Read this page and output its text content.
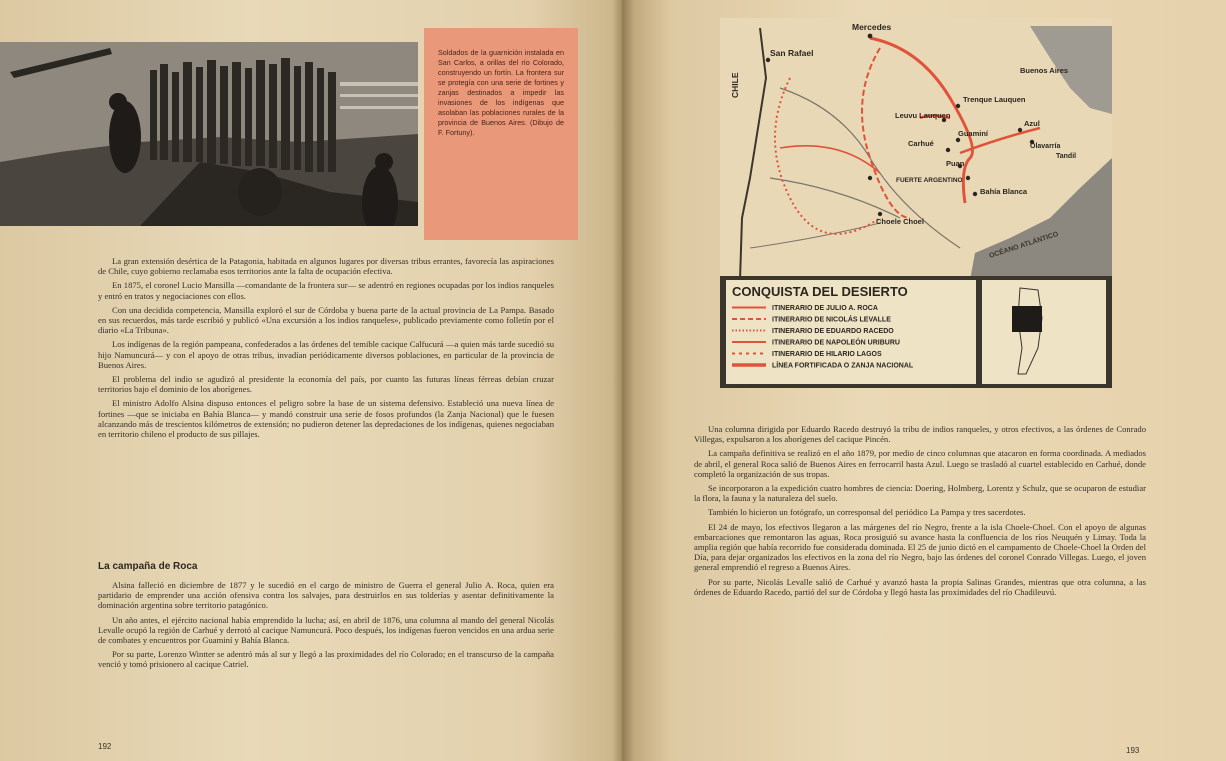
Soldados de la guarnición instalada en San Carlos, a orillas del río Colorado, construyendo un fortín. La frontera sur se protegía con una serie de fortines y zanjas destinados a impedir las invasiones de los indígenas que asolaban las poblaciones rurales de la provincia de Buenos Aires. (Dibujo de F. Fortuny).

La gran extensión desértica de la Patagonia, habitada en algunos lugares por diversas tribus errantes, favorecía las aspiraciones de Chile, cuyo gobierno reclamaba esos territorios ante la falta de ocupación efectiva.

En 1875, el coronel Lucio Mansilla —comandante de la frontera sur— se adentró en regiones ocupadas por los indios ranqueles y entró en tratos y negociaciones con ellos.

Con una decidida competencia, Mansilla exploró el sur de Córdoba y buena parte de la actual provincia de La Pampa. Basado en sus recuerdos, más tarde escribió y publicó «Una excursión a los indios ranqueles», publicado previamente como folletín por el diario «La Tribuna».

Los indígenas de la región pampeana, confederados a las órdenes del temible cacique Calfucurá —a quien más tarde sucedió su hijo Namuncurá— y con el apoyo de otras tribus, invadían periódicamente diversos poblaciones, en particular de la provincia de Buenos Aires.

El problema del indio se agudizó al presidente la economía del país, por cuanto las futuras líneas férreas debían cruzar territorios bajo el dominio de los aborígenes.

El ministro Adolfo Alsina dispuso entonces el peligro sobre la base de un sistema defensivo. Estableció una nueva línea de fortines —que se iniciaba en Bahía Blanca— y mandó construir una serie de fosos profundos (la Zanja Nacional) que le fuesen alcanzando más de trescientos kilómetros de extensión; no pudieron detener las depredaciones de los indígenas, quienes negociaban en territorio chileno el producto de sus pillajes.

La campaña de Roca

Alsina falleció en diciembre de 1877 y le sucedió en el cargo de ministro de Guerra el general Julio A. Roca, quien era partidario de emprender una acción ofensiva contra los salvajes, para destruirlos en sus tolderías y asentar definitivamente la dominación argentina sobre territorio patagónico.

Un año antes, el ejército nacional había emprendido la lucha; así, en abril de 1876, una columna al mando del general Nicolás Levalle ocupó la región de Carhué y derrotó al cacique Namuncurá. Poco después, los indígenas fueron vencidos en una ardua serie de combates y encuentros por Guaminí y Bahía Blanca.

Por su parte, Lorenzo Wintter se adentró más al sur y llegó a las proximidades del río Colorado; en el transcurso de la campaña venció y tomó prisionero al cacique Catriel.

192
Mercedes
San Rafael
CHILE
Buenos Aires
Trenque Lauquen
Leuvu Lauquen
Guaminí
Carhué
Azul
Olavarría
Tandil
Puan
FUERTE ARGENTINO
Bahía Blanca
Choele Choel
OCÉANO ATLÁNTICO
CONQUISTA DEL DESIERTO
ITINERARIO DE JULIO A. ROCA
ITINERARIO DE NICOLÁS LEVALLE
ITINERARIO DE EDUARDO RACEDO
ITINERARIO DE NAPOLEÓN URIBURU
ITINERARIO DE HILARIO LAGOS
LÍNEA FORTIFICADA O ZANJA NACIONAL

Una columna dirigida por Eduardo Racedo destruyó la tribu de indios ranqueles, y otros efectivos, a las órdenes de Conrado Villegas, expulsaron a los aborígenes del cacique Pincén.

La campaña definitiva se realizó en el año 1879, por medio de cinco columnas que atacaron en forma coordinada. A mediados de abril, el general Roca salió de Buenos Aires en ferrocarril hasta Azul. Luego se trasladó al cuartel establecido en Carhué, donde completó la organización de sus tropas.

Se incorporaron a la expedición cuatro hombres de ciencia: Doering, Holmberg, Lorentz y Schulz, que se ocuparon de estudiar la flora, la fauna y la naturaleza del suelo.

También lo hicieron un fotógrafo, un corresponsal del periódico La Pampa y tres sacerdotes.

El 24 de mayo, los efectivos llegaron a las márgenes del río Negro, frente a la isla Choele-Choel. Con el apoyo de algunas embarcaciones que remontaron las aguas, Roca prosiguió su avance hasta la confluencia de los ríos Neuquén y Limay. Toda la amplia región que había recorrido fue considerada dominada. El 25 de junio dictó en el campamento de Choele-Choel la Orden del Día, para dejar organizados los efectivos en la zona del río Negro, bajo las órdenes del coronel Conrado Villegas. Luego, el joven general emprendió el regreso a Buenos Aires.

Por su parte, Nicolás Levalle salió de Carhué y avanzó hasta la propia Salinas Grandes, mientras que otra columna, a las órdenes de Eduardo Racedo, partió del sur de Córdoba y llegó hasta las proximidades del río Chadileuvú.

193
